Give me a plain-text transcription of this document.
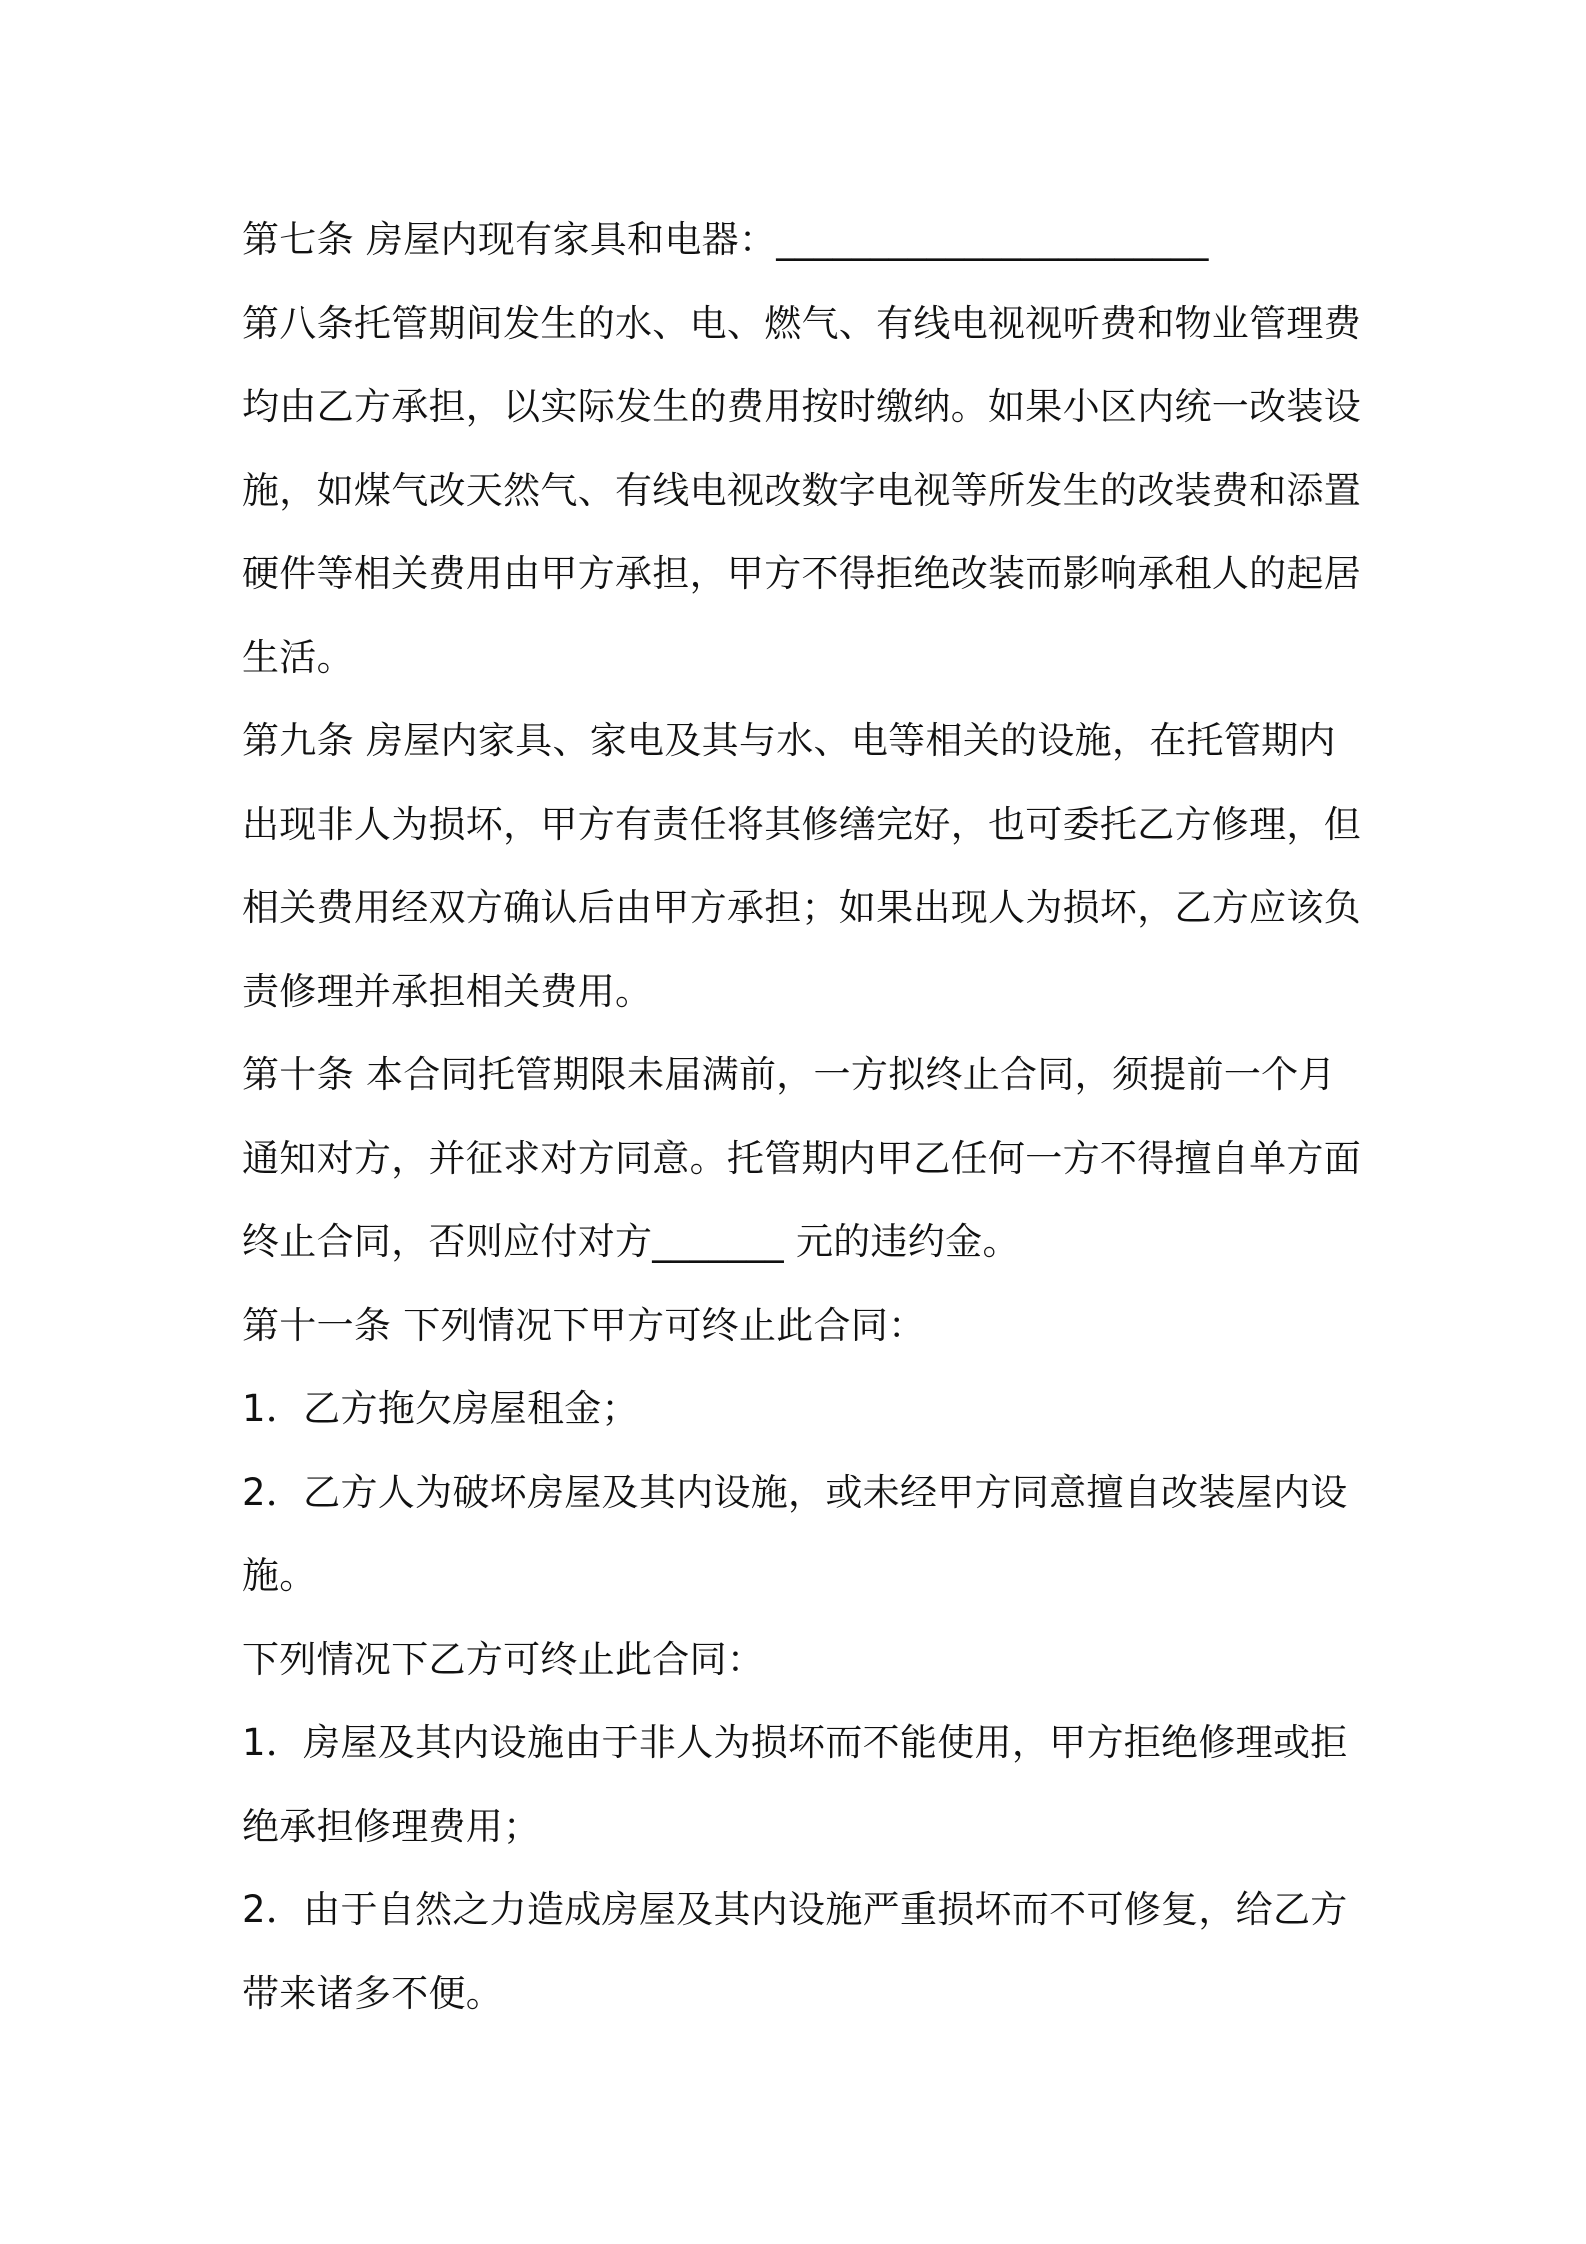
第七条 房屋内现有家具和电器：_______________________
第八条托管期间发生的水、电、燃气、有线电视视听费和物业管理费
均由乙方承担，以实际发生的费用按时缴纳。如果小区内统一改装设
施，如煤气改天然气、有线电视改数字电视等所发生的改装费和添置
硬件等相关费用由甲方承担，甲方不得拒绝改装而影响承租人的起居
生活。
第九条 房屋内家具、家电及其与水、电等相关的设施，在托管期内
出现非人为损坏，甲方有责任将其修缮完好，也可委托乙方修理，但
相关费用经双方确认后由甲方承担；如果出现人为损坏，乙方应该负
责修理并承担相关费用。
第十条 本合同托管期限未届满前，一方拟终止合同，须提前一个月
通知对方，并征求对方同意。托管期内甲乙任何一方不得擅自单方面
终止合同，否则应付对方_______ 元的违约金。
第十一条 下列情况下甲方可终止此合同：
1．乙方拖欠房屋租金；
2．乙方人为破坏房屋及其内设施，或未经甲方同意擅自改装屋内设
施。
下列情况下乙方可终止此合同：
1．房屋及其内设施由于非人为损坏而不能使用，甲方拒绝修理或拒
绝承担修理费用；
2．由于自然之力造成房屋及其内设施严重损坏而不可修复，给乙方
带来诸多不便。
